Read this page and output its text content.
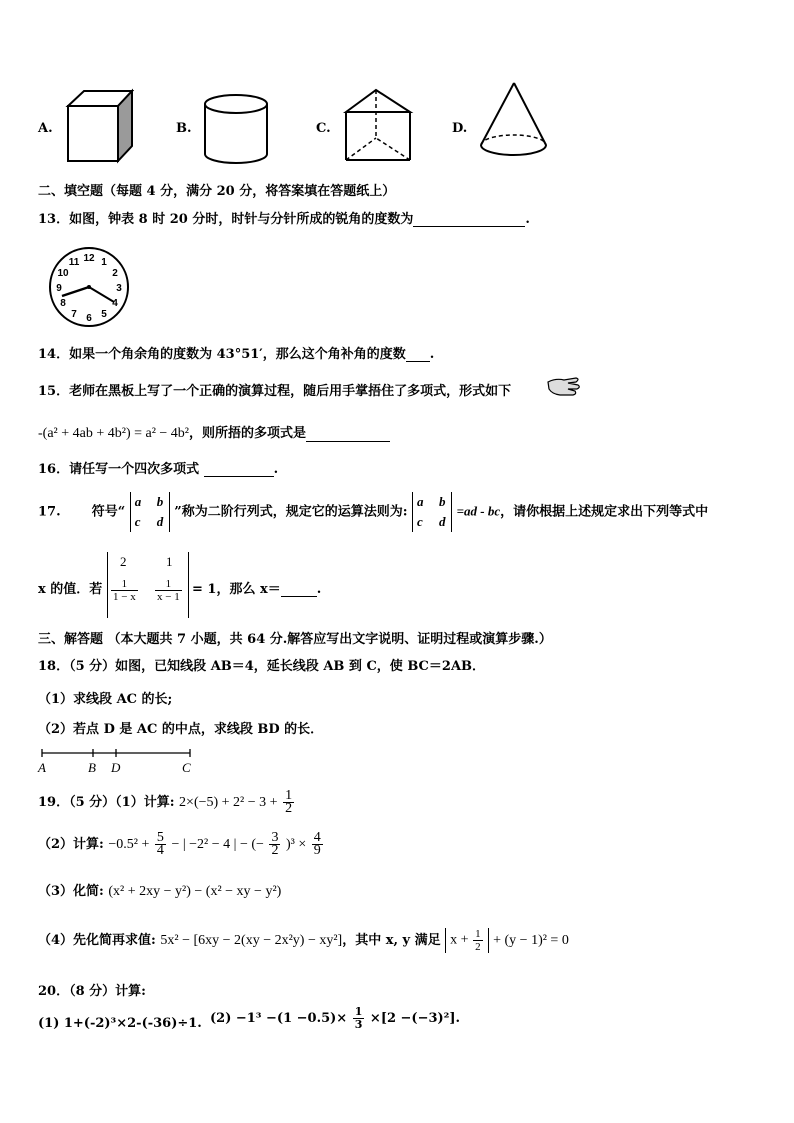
A.	B.	C.	D.
二、填空题（每题 4 分，满分 20 分，将答案填在答题纸上）
13．如图，钟表 8 时 20 分时，时针与分针所成的锐角的度数为	.
12 1
2
3
4
5
6
7
8
9
10
11
14．如果一个角余角的度数为 43°51′，那么这个角补角的度数 .
15．老师在黑板上写了一个正确的演算过程，随后用手掌捂住了多项式，形式如下
-(a² + 4ab + 4b²) = a² − 4b²，则所捂的多项式是
16．请任写一个四次多项式	.
17. 符号“
a b
c d
”称为二阶行列式，规定它的运算法则为:
a b
c d
=ad - bc，请你根据上述规定求出下列等式中
x 的值．若
2	1
$\frac{1}{1 - x} \frac{1}{x - 1} = 1$，那么 x＝	.
三、解答题 （本大题共 7 小题，共 64 分.解答应写出文字说明、证明过程或演算步骤.）
18．（5 分）如图，已知线段 AB＝4，延长线段 AB 到 C，使 BC＝2AB．
（1）求线段 AC 的长;
（2）若点 D 是 AC 的中点，求线段 BD 的长．
A	B D	C
19．（5 分）（1）计算: $2\times(-5) + 2^2 - 3 + \frac{1}{2}$
（2）计算: $-0.5^2 + \frac{5}{4}$ − | −2² − 4 | − (− $\frac{3}{2} )^3 \times \frac{4}{9}$
（3）化简: (x² + 2xy − y²) − (x² − xy − y²)
（4）先化简再求值: 5x² − [6xy − 2(xy − 2x²y) − xy²]，其中 x, y 满足 $x + \frac{1}{2} + (y - 1)^2 = 0$
20．（8 分）计算:
(1) 1+(-2)³×2-(-36)÷1. $(2) -1^3 -(1 -0.5)\times \frac{1}{3} \times[2 -(-3)^2]$.
